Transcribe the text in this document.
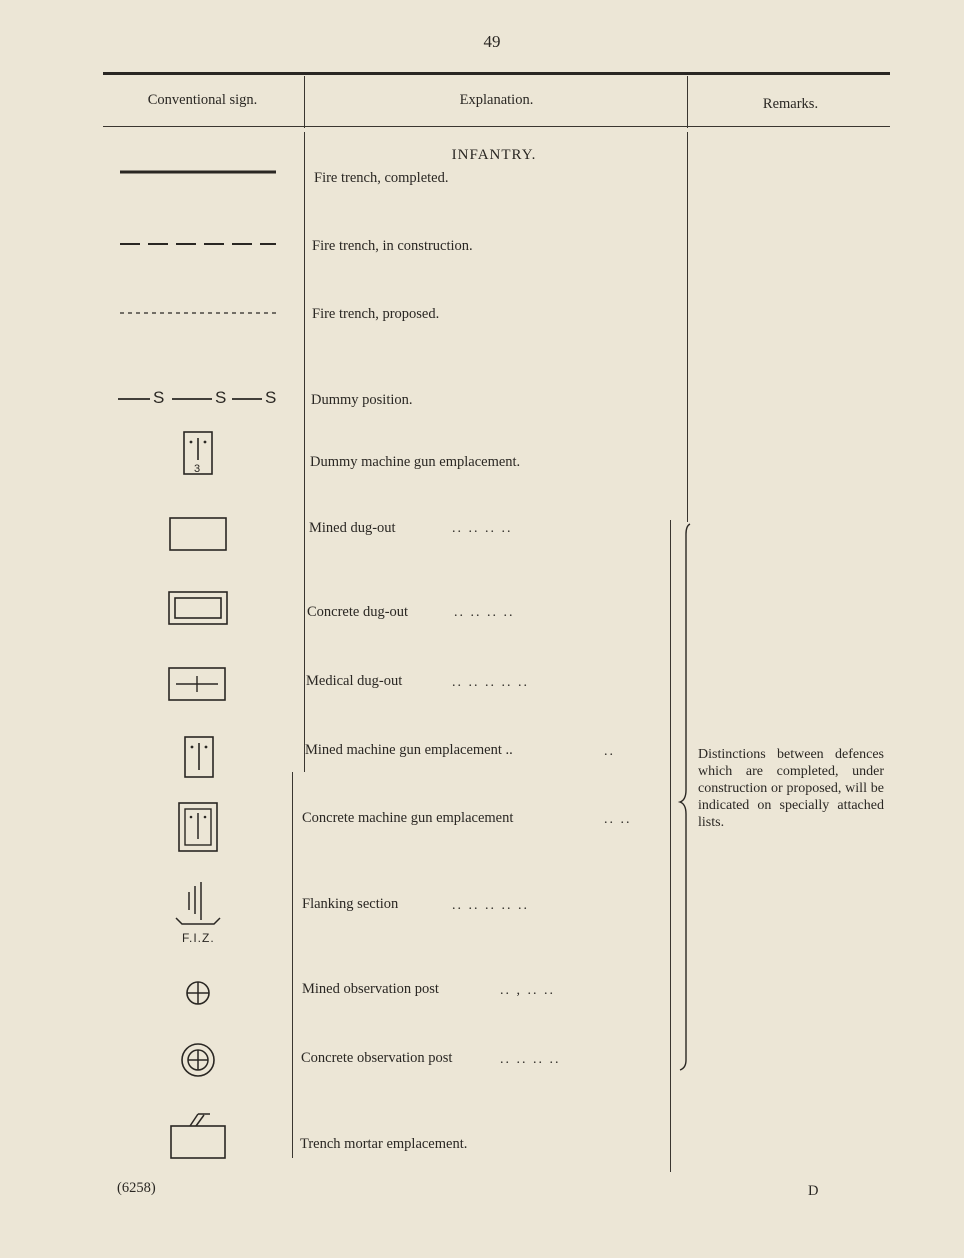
49
Conventional sign.	Explanation.	Remarks.
INFANTRY.
Fire trench, completed.
Fire trench, in construction.
Fire trench, proposed.
S	S S Dummy position.
3	Dummy machine gun emplacement.
Mined dug-out	.. .. .. ..
Concrete dug-out	.. .. .. ..
Medical dug-out	.. .. .. .. ..
Mined machine gun emplacement ..	..
Concrete machine gun emplacement	.. ..
F.I.Z.
Flanking section	.. .. .. .. ..
Mined observation post	.. , .. ..
Concrete observation post	.. .. .. ..
Trench mortar emplacement.
Distinctions between defences which are completed, under construction or proposed, will be indicated on specially attached lists.
(6258)	D
